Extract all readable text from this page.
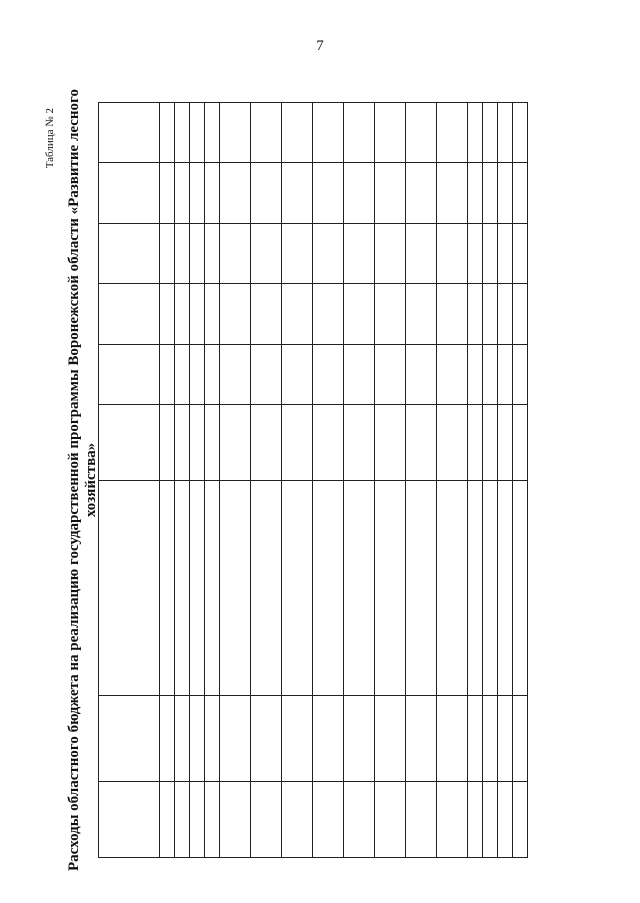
7
Таблица № 2 Расходы областного бюджета на реализацию государственной программы Воронежской области «Развитие лесного хозяйства»
